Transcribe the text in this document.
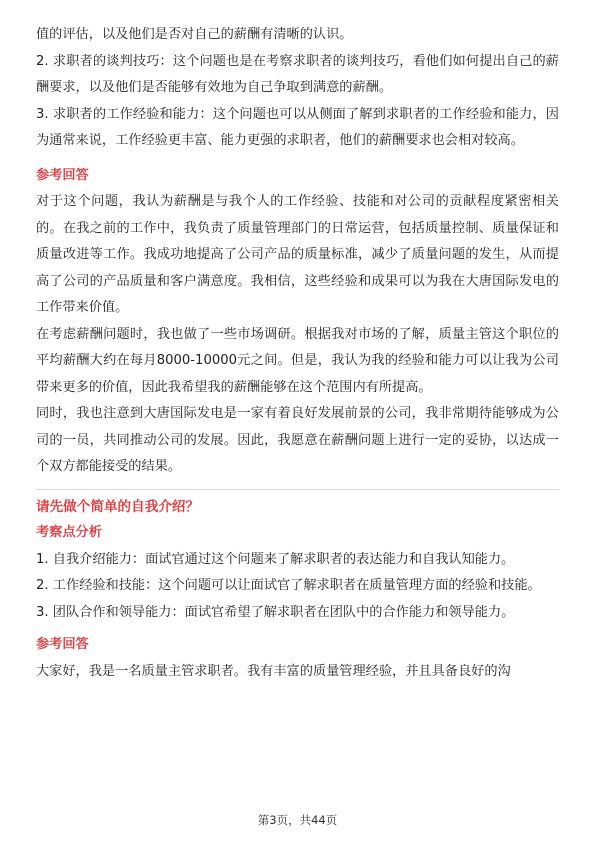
值的评估，以及他们是否对自己的薪酬有清晰的认识。

2. 求职者的谈判技巧：这个问题也是在考察求职者的谈判技巧，看他们如何提出自己的薪酬要求，以及他们是否能够有效地为自己争取到满意的薪酬。

3. 求职者的工作经验和能力：这个问题也可以从侧面了解到求职者的工作经验和能力，因为通常来说，工作经验更丰富、能力更强的求职者，他们的薪酬要求也会相对较高。

参考回答

对于这个问题，我认为薪酬是与我个人的工作经验、技能和对公司的贡献程度紧密相关的。在我之前的工作中，我负责了质量管理部门的日常运营，包括质量控制、质量保证和质量改进等工作。我成功地提高了公司产品的质量标准，减少了质量问题的发生，从而提高了公司的产品质量和客户满意度。我相信，这些经验和成果可以为我在大唐国际发电的工作带来价值。

在考虑薪酬问题时，我也做了一些市场调研。根据我对市场的了解，质量主管这个职位的平均薪酬大约在每月8000-10000元之间。但是，我认为我的经验和能力可以让我为公司带来更多的价值，因此我希望我的薪酬能够在这个范围内有所提高。

同时，我也注意到大唐国际发电是一家有着良好发展前景的公司，我非常期待能够成为公司的一员，共同推动公司的发展。因此，我愿意在薪酬问题上进行一定的妥协，以达成一个双方都能接受的结果。

请先做个简单的自我介绍？

考察点分析

1. 自我介绍能力：面试官通过这个问题来了解求职者的表达能力和自我认知能力。

2. 工作经验和技能：这个问题可以让面试官了解求职者在质量管理方面的经验和技能。

3. 团队合作和领导能力：面试官希望了解求职者在团队中的合作能力和领导能力。

参考回答

大家好，我是一名质量主管求职者。我有丰富的质量管理经验，并且具备良好的沟

第3页，共44页
